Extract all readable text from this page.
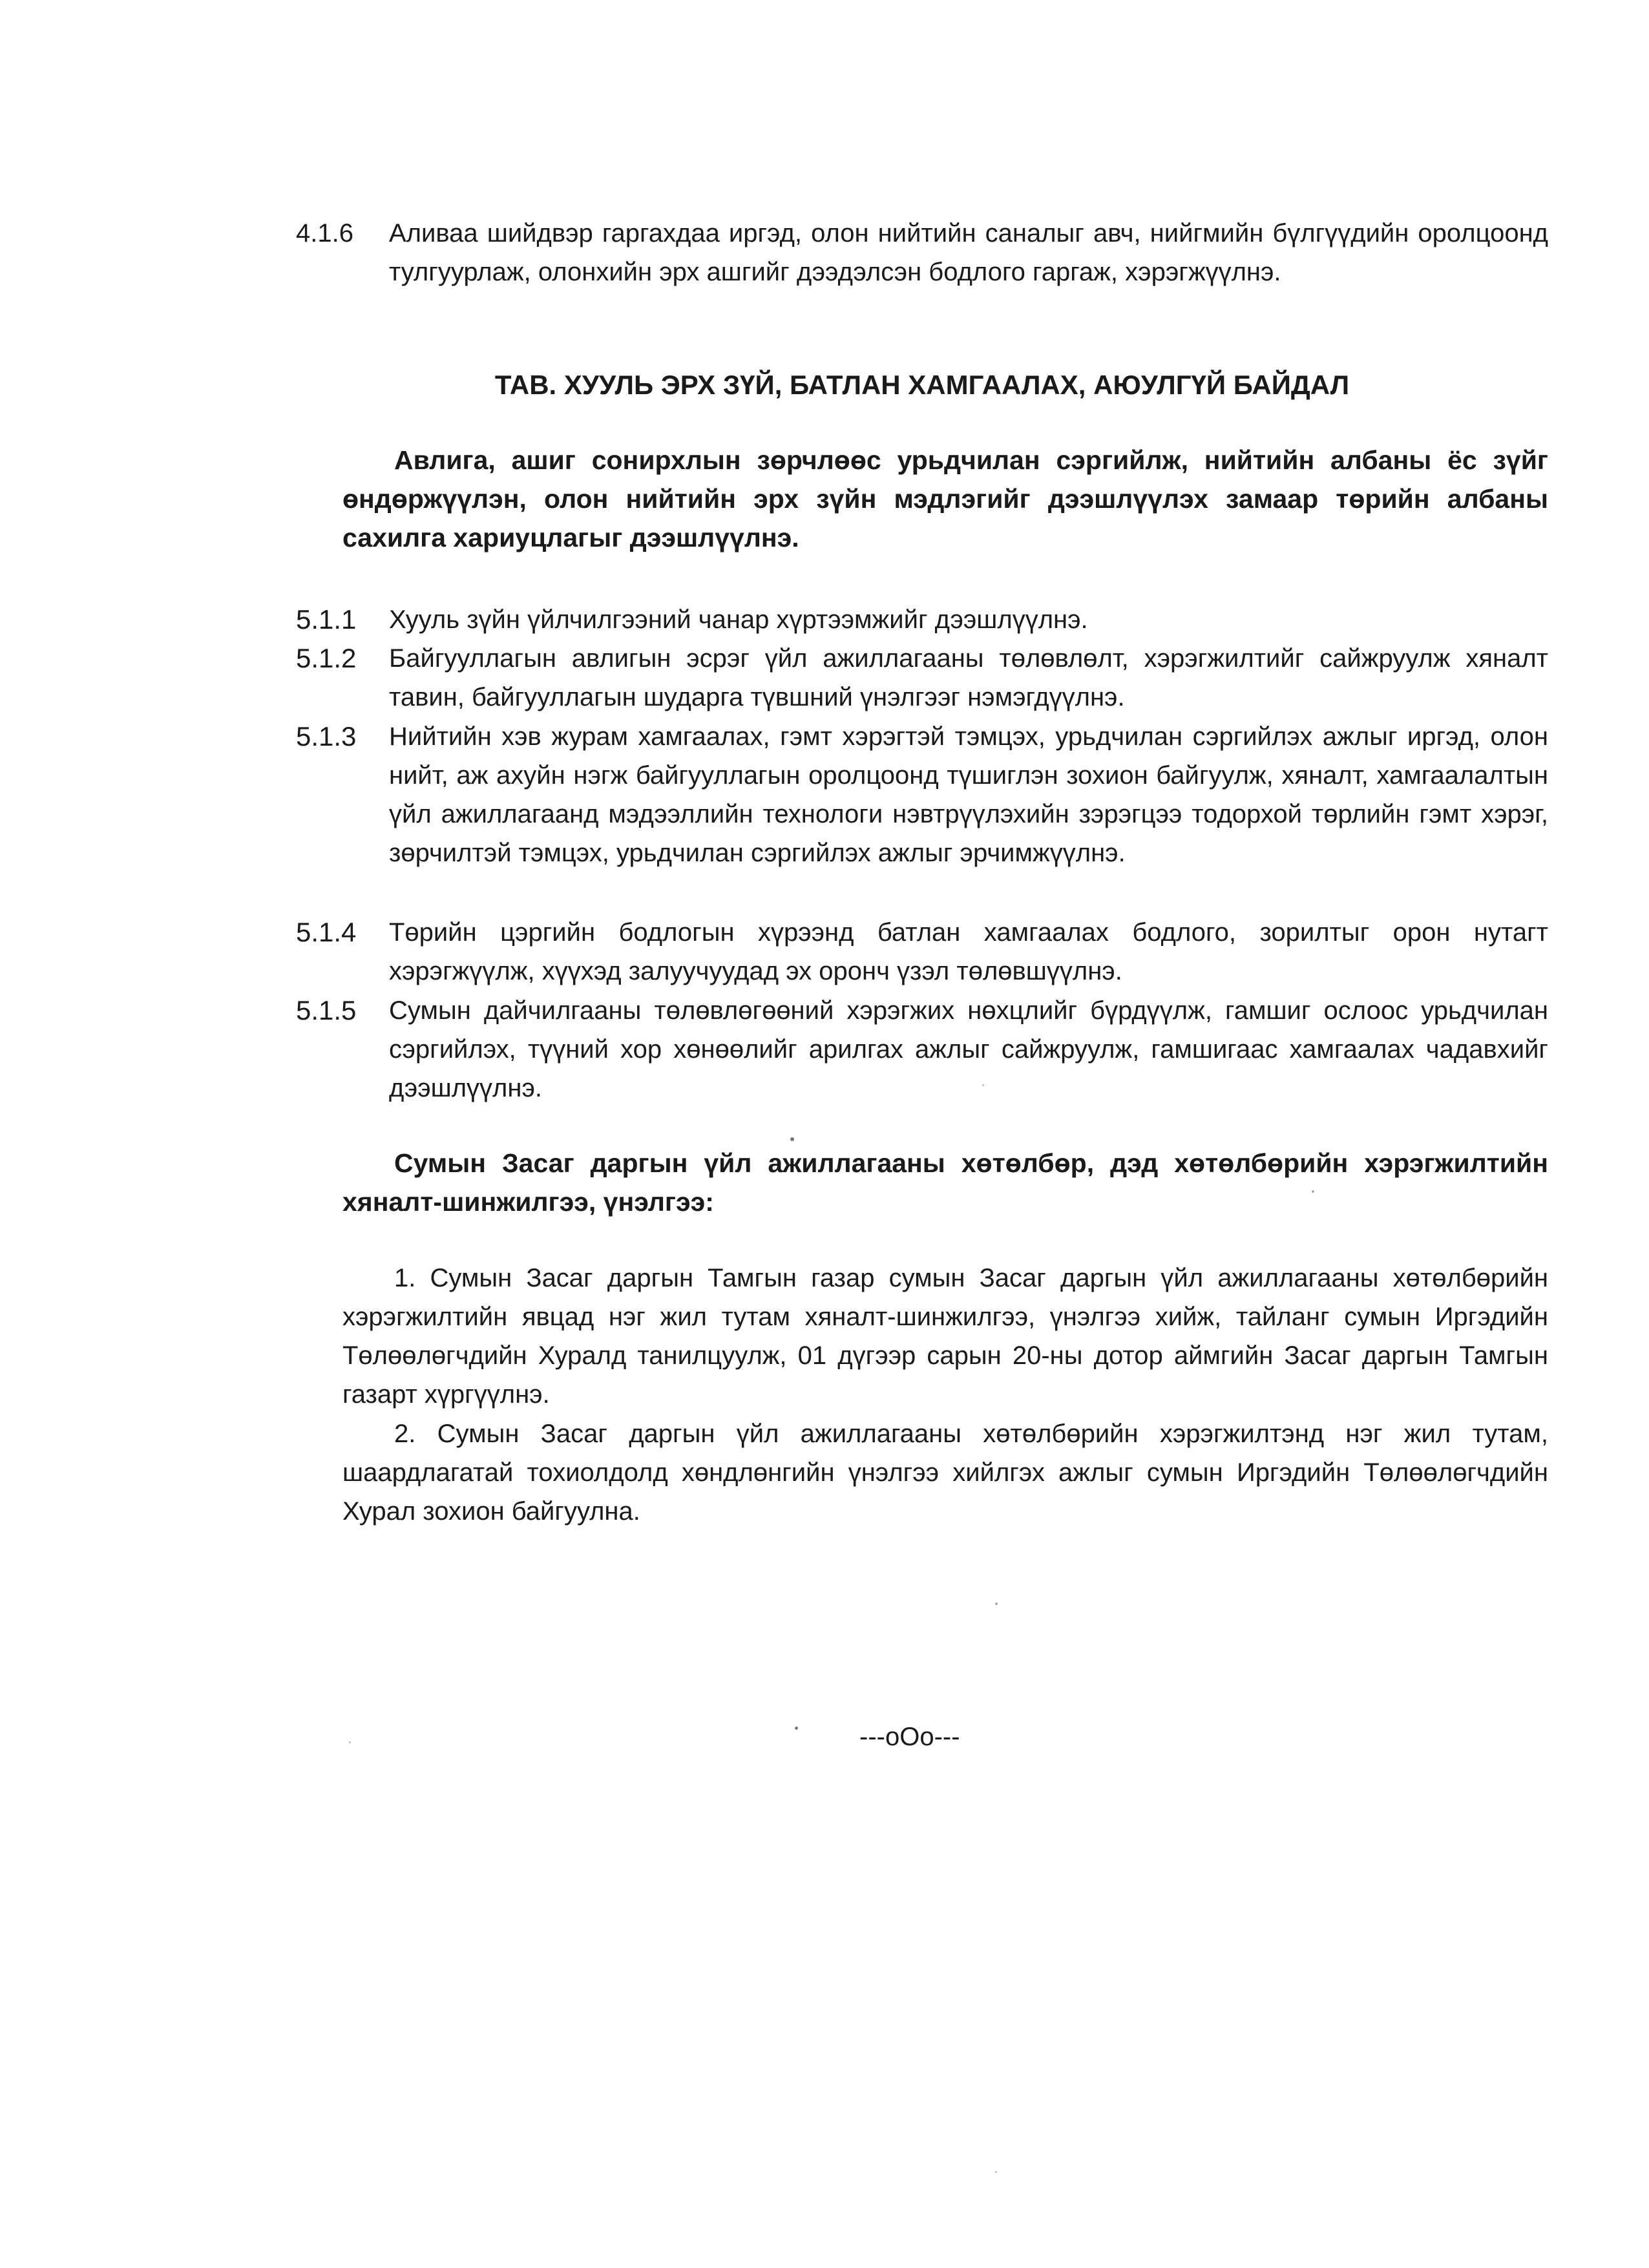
4.1.6 Аливаа шийдвэр гаргахдаа иргэд, олон нийтийн саналыг авч, нийгмийн бүлгүүдийн оролцоонд тулгуурлаж, олонхийн эрх ашгийг дээдэлсэн бодлого гаргаж, хэрэгжүүлнэ.
ТАВ. ХУУЛЬ ЭРХ ЗҮЙ, БАТЛАН ХАМГААЛАХ, АЮУЛГҮЙ БАЙДАЛ
Авлига, ашиг сонирхлын зөрчлөөс урьдчилан сэргийлж, нийтийн албаны ёс зүйг өндөржүүлэн, олон нийтийн эрх зүйн мэдлэгийг дээшлүүлэх замаар төрийн албаны сахилга хариуцлагыг дээшлүүлнэ.
5.1.1 Хууль зүйн үйлчилгээний чанар хүртээмжийг дээшлүүлнэ.
5.1.2 Байгууллагын авлигын эсрэг үйл ажиллагааны төлөвлөлт, хэрэгжилтийг сайжруулж хяналт тавин, байгууллагын шударга түвшний үнэлгээг нэмэгдүүлнэ.
5.1.3 Нийтийн хэв журам хамгаалах, гэмт хэрэгтэй тэмцэх, урьдчилан сэргийлэх ажлыг иргэд, олон нийт, аж ахуйн нэгж байгууллагын оролцоонд түшиглэн зохион байгуулж, хяналт, хамгаалалтын үйл ажиллагаанд мэдээллийн технологи нэвтрүүлэхийн зэрэгцээ тодорхой төрлийн гэмт хэрэг, зөрчилтэй тэмцэх, урьдчилан сэргийлэх ажлыг эрчимжүүлнэ.
5.1.4 Төрийн цэргийн бодлогын хүрээнд батлан хамгаалах бодлого, зорилтыг орон нутагт хэрэгжүүлж, хүүхэд залуучуудад эх оронч үзэл төлөвшүүлнэ.
5.1.5 Сумын дайчилгааны төлөвлөгөөний хэрэгжих нөхцлийг бүрдүүлж, гамшиг ослоос урьдчилан сэргийлэх, түүний хор хөнөөлийг арилгах ажлыг сайжруулж, гамшигаас хамгаалах чадавхийг дээшлүүлнэ.
Сумын Засаг даргын үйл ажиллагааны хөтөлбөр, дэд хөтөлбөрийн хэрэгжилтийн хяналт-шинжилгээ, үнэлгээ:
1. Сумын Засаг даргын Тамгын газар сумын Засаг даргын үйл ажиллагааны хөтөлбөрийн хэрэгжилтийн явцад нэг жил тутам хяналт-шинжилгээ, үнэлгээ хийж, тайланг сумын Иргэдийн Төлөөлөгчдийн Хуралд танилцуулж, 01 дүгээр сарын 20-ны дотор аймгийн Засаг даргын Тамгын газарт хүргүүлнэ.
2. Сумын Засаг даргын үйл ажиллагааны хөтөлбөрийн хэрэгжилтэнд нэг жил тутам, шаардлагатай тохиолдолд хөндлөнгийн үнэлгээ хийлгэх ажлыг сумын Иргэдийн Төлөөлөгчдийн Хурал зохион байгуулна.
---oOo---
